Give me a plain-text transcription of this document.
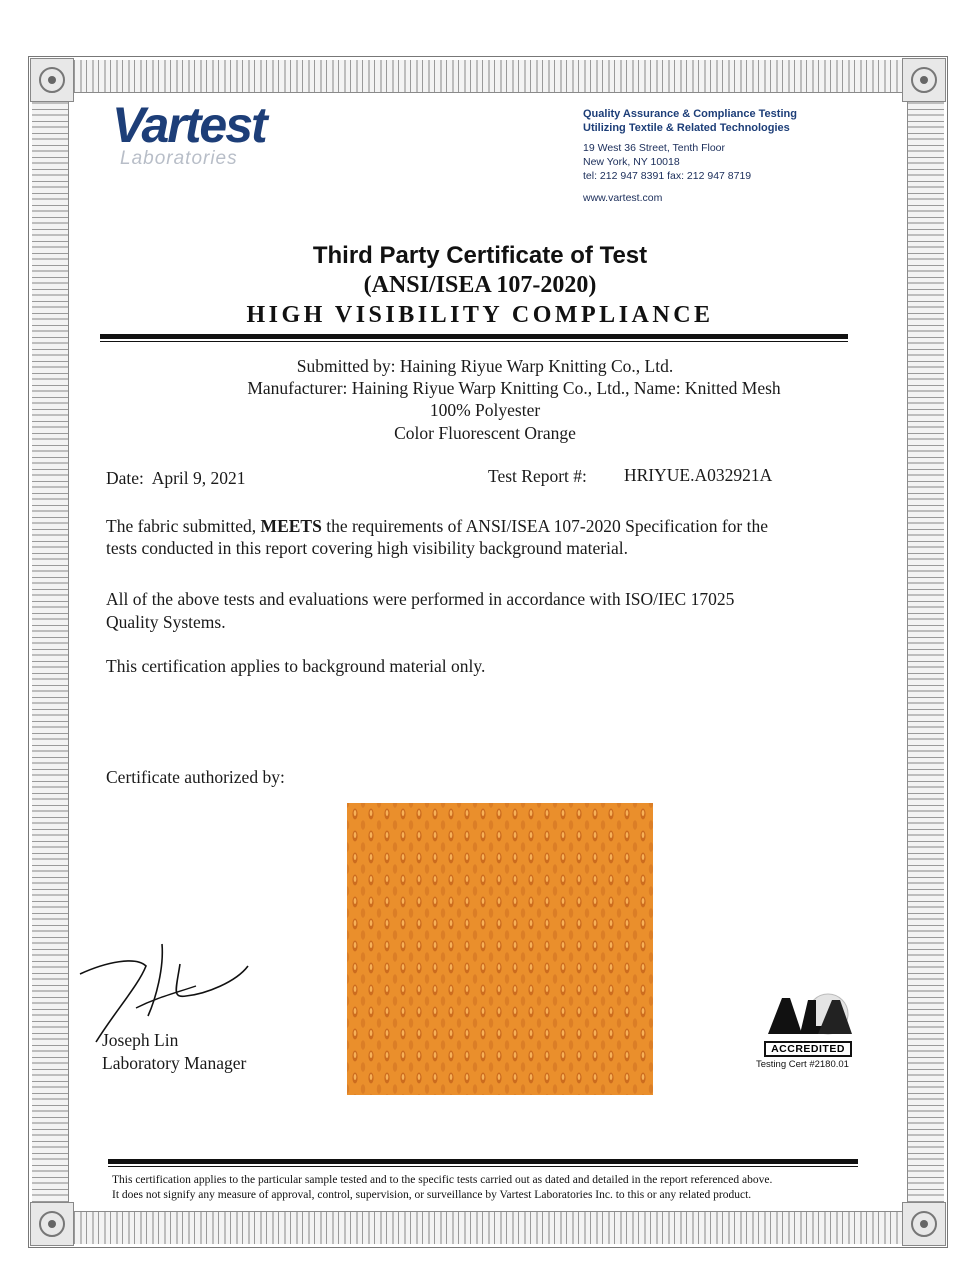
Vartest
Laboratories
Quality Assurance & Compliance Testing
Utilizing Textile & Related Technologies
19 West 36 Street, Tenth Floor
New York, NY 10018
tel: 212 947 8391 fax: 212 947 8719
www.vartest.com
Third Party Certificate of Test
(ANSI/ISEA 107-2020)
HIGH VISIBILITY COMPLIANCE
Submitted by: Haining Riyue Warp Knitting Co., Ltd.
Manufacturer: Haining Riyue Warp Knitting Co., Ltd., Name: Knitted Mesh
100% Polyester
Color Fluorescent Orange
Date: April 9, 2021	Test Report #: HRIYUE.A032921A
The fabric submitted, MEETS the requirements of ANSI/ISEA 107-2020 Specification for the
tests conducted in this report covering high visibility background material.
All of the above tests and evaluations were performed in accordance with ISO/IEC 17025
Quality Systems.
This certification applies to background material only.
Certificate authorized by:
Joseph Lin
Laboratory Manager
ACCREDITED
Testing Cert #2180.01
This certification applies to the particular sample tested and to the specific tests carried out as dated and detailed in the report referenced above.
It does not signify any measure of approval, control, supervision, or surveillance by Vartest Laboratories Inc. to this or any related product.
